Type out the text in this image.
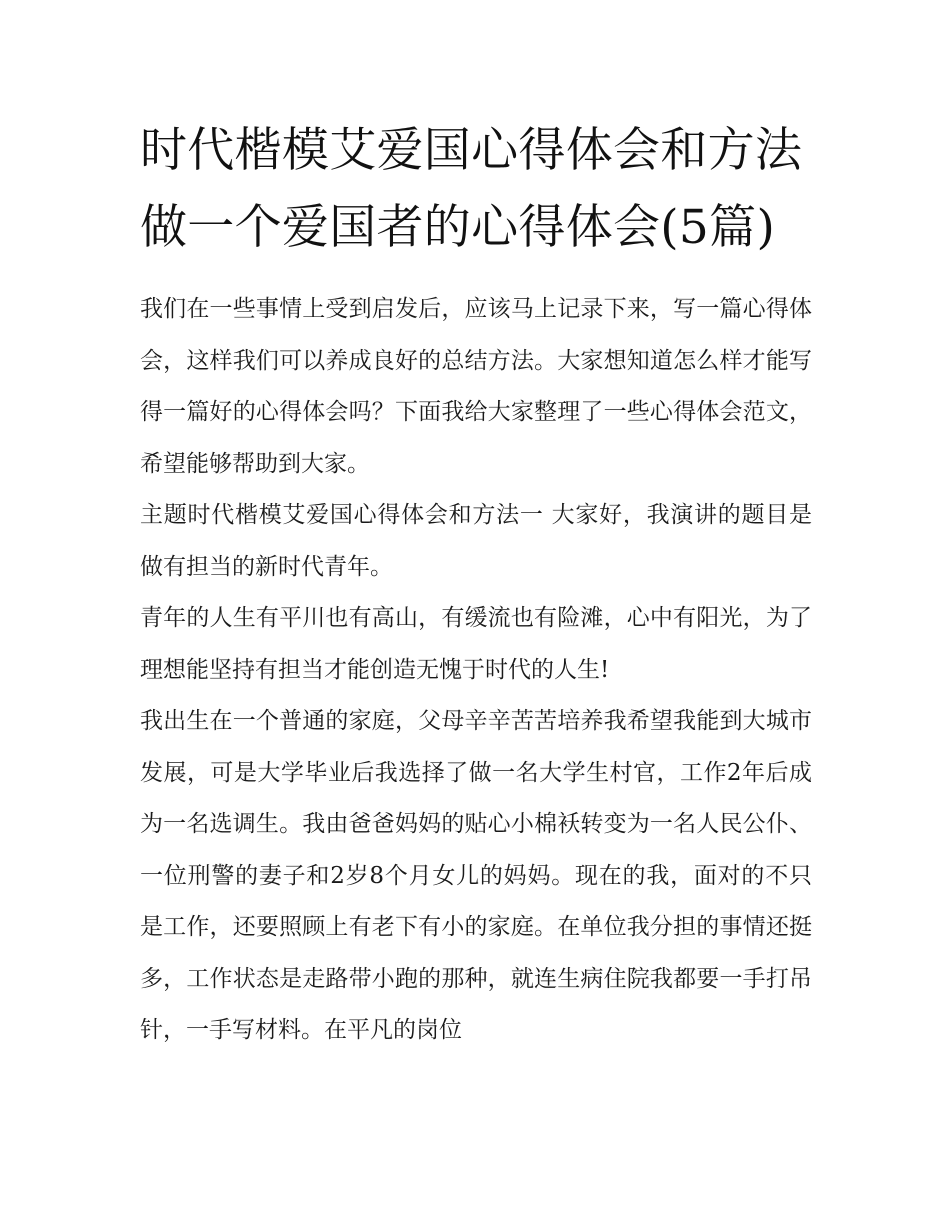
时代楷模艾爱国心得体会和方法 做一个爱国者的心得体会(5篇)

我们在一些事情上受到启发后，应该马上记录下来，写一篇心得体会，这样我们可以养成良好的总结方法。大家想知道怎么样才能写得一篇好的心得体会吗？下面我给大家整理了一些心得体会范文，希望能够帮助到大家。

主题时代楷模艾爱国心得体会和方法一 大家好，我演讲的题目是做有担当的新时代青年。

青年的人生有平川也有高山，有缓流也有险滩，心中有阳光，为了理想能坚持有担当才能创造无愧于时代的人生!

我出生在一个普通的家庭，父母辛辛苦苦培养我希望我能到大城市发展，可是大学毕业后我选择了做一名大学生村官，工作2年后成为一名选调生。我由爸爸妈妈的贴心小棉袄转变为一名人民公仆、一位刑警的妻子和2岁8个月女儿的妈妈。现在的我，面对的不只是工作，还要照顾上有老下有小的家庭。在单位我分担的事情还挺多，工作状态是走路带小跑的那种，就连生病住院我都要一手打吊针，一手写材料。在平凡的岗位
